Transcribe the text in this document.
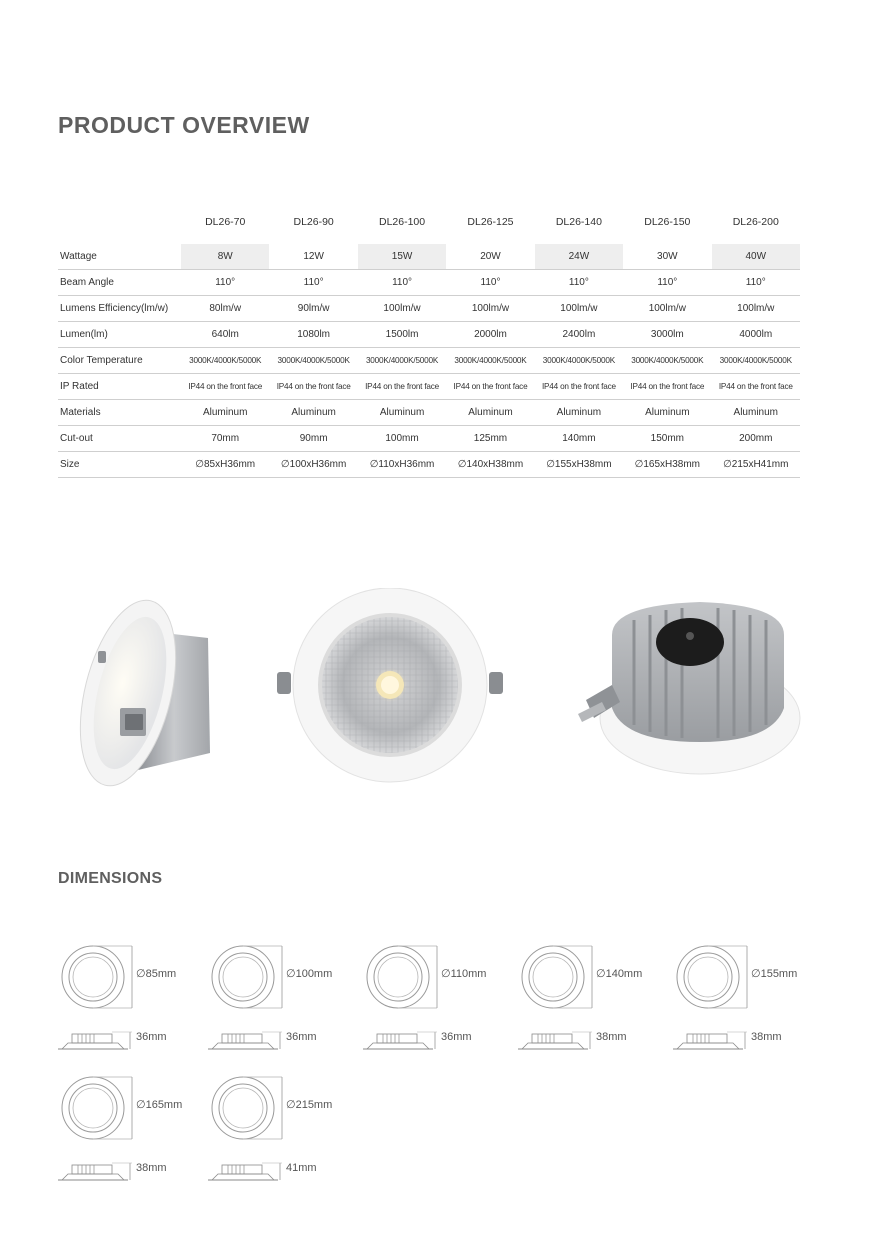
PRODUCT OVERVIEW
	DL26-70	DL26-90	DL26-100	DL26-125	DL26-140	DL26-150	DL26-200
Wattage	8W	12W	15W	20W	24W	30W	40W
Beam Angle	110°	110°	110°	110°	110°	110°	110°
Lumens Efficiency(lm/w)	80lm/w	90lm/w	100lm/w	100lm/w	100lm/w	100lm/w	100lm/w
Lumen(lm)	640lm	1080lm	1500lm	2000lm	2400lm	3000lm	4000lm
Color Temperature	3000K/4000K/5000K	3000K/4000K/5000K	3000K/4000K/5000K	3000K/4000K/5000K	3000K/4000K/5000K	3000K/4000K/5000K	3000K/4000K/5000K
IP Rated	IP44 on the front face	IP44 on the front face	IP44 on the front face	IP44 on the front face	IP44 on the front face	IP44 on the front face	IP44 on the front face
Materials	Aluminum	Aluminum	Aluminum	Aluminum	Aluminum	Aluminum	Aluminum
Cut-out	70mm	90mm	100mm	125mm	140mm	150mm	200mm
Size	∅85xH36mm	∅100xH36mm	∅110xH36mm	∅140xH38mm	∅155xH38mm	∅165xH38mm	∅215xH41mm
DIMENSIONS
∅85mm
36mm
∅100mm
36mm
∅110mm
36mm
∅140mm
38mm
∅155mm
38mm
∅165mm
38mm
∅215mm
41mm
